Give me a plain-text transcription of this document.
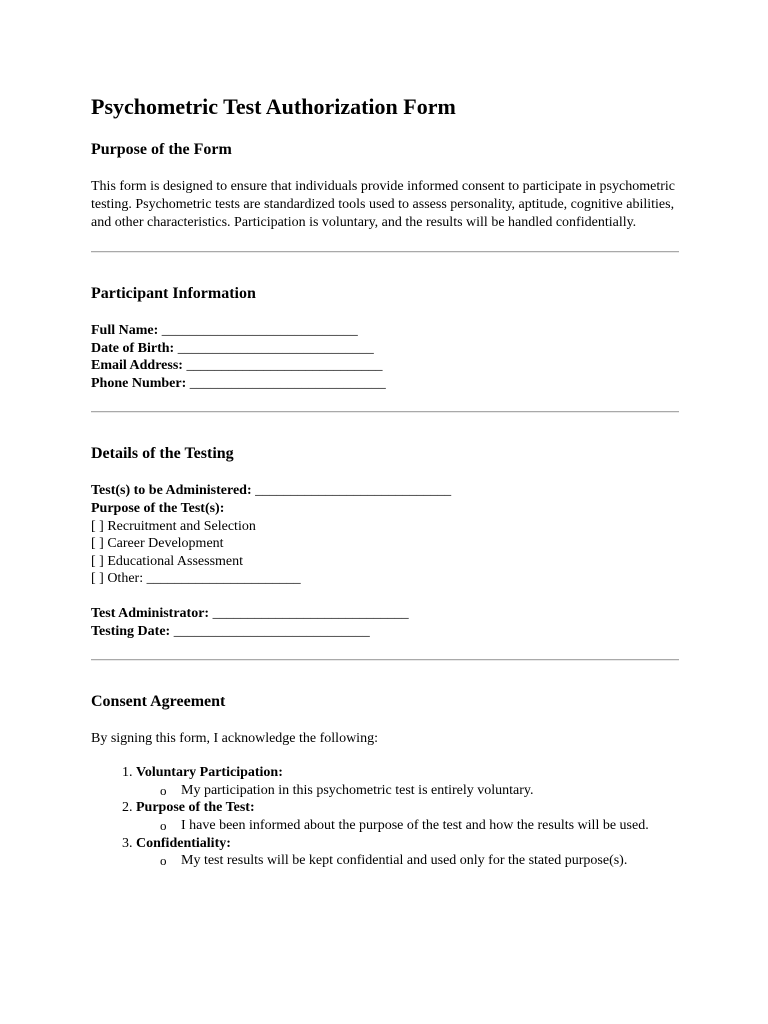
Psychometric Test Authorization Form
Purpose of the Form

This form is designed to ensure that individuals provide informed consent to participate in psychometric testing. Psychometric tests are standardized tools used to assess personality, aptitude, cognitive abilities, and other characteristics. Participation is voluntary, and the results will be handled confidentially.

Participant Information
Full Name: ____________________________
Date of Birth: ____________________________
Email Address: ____________________________
Phone Number: ____________________________
Details of the Testing
Test(s) to be Administered: ____________________________
Purpose of the Test(s):
[ ] Recruitment and Selection
[ ] Career Development
[ ] Educational Assessment
[ ] Other: ______________________
Test Administrator: ____________________________
Testing Date: ____________________________
Consent Agreement

By signing this form, I acknowledge the following:

1. Voluntary Participation:
o My participation in this psychometric test is entirely voluntary.
2. Purpose of the Test:
o I have been informed about the purpose of the test and how the results will be used.
3. Confidentiality:
o My test results will be kept confidential and used only for the stated purpose(s).
